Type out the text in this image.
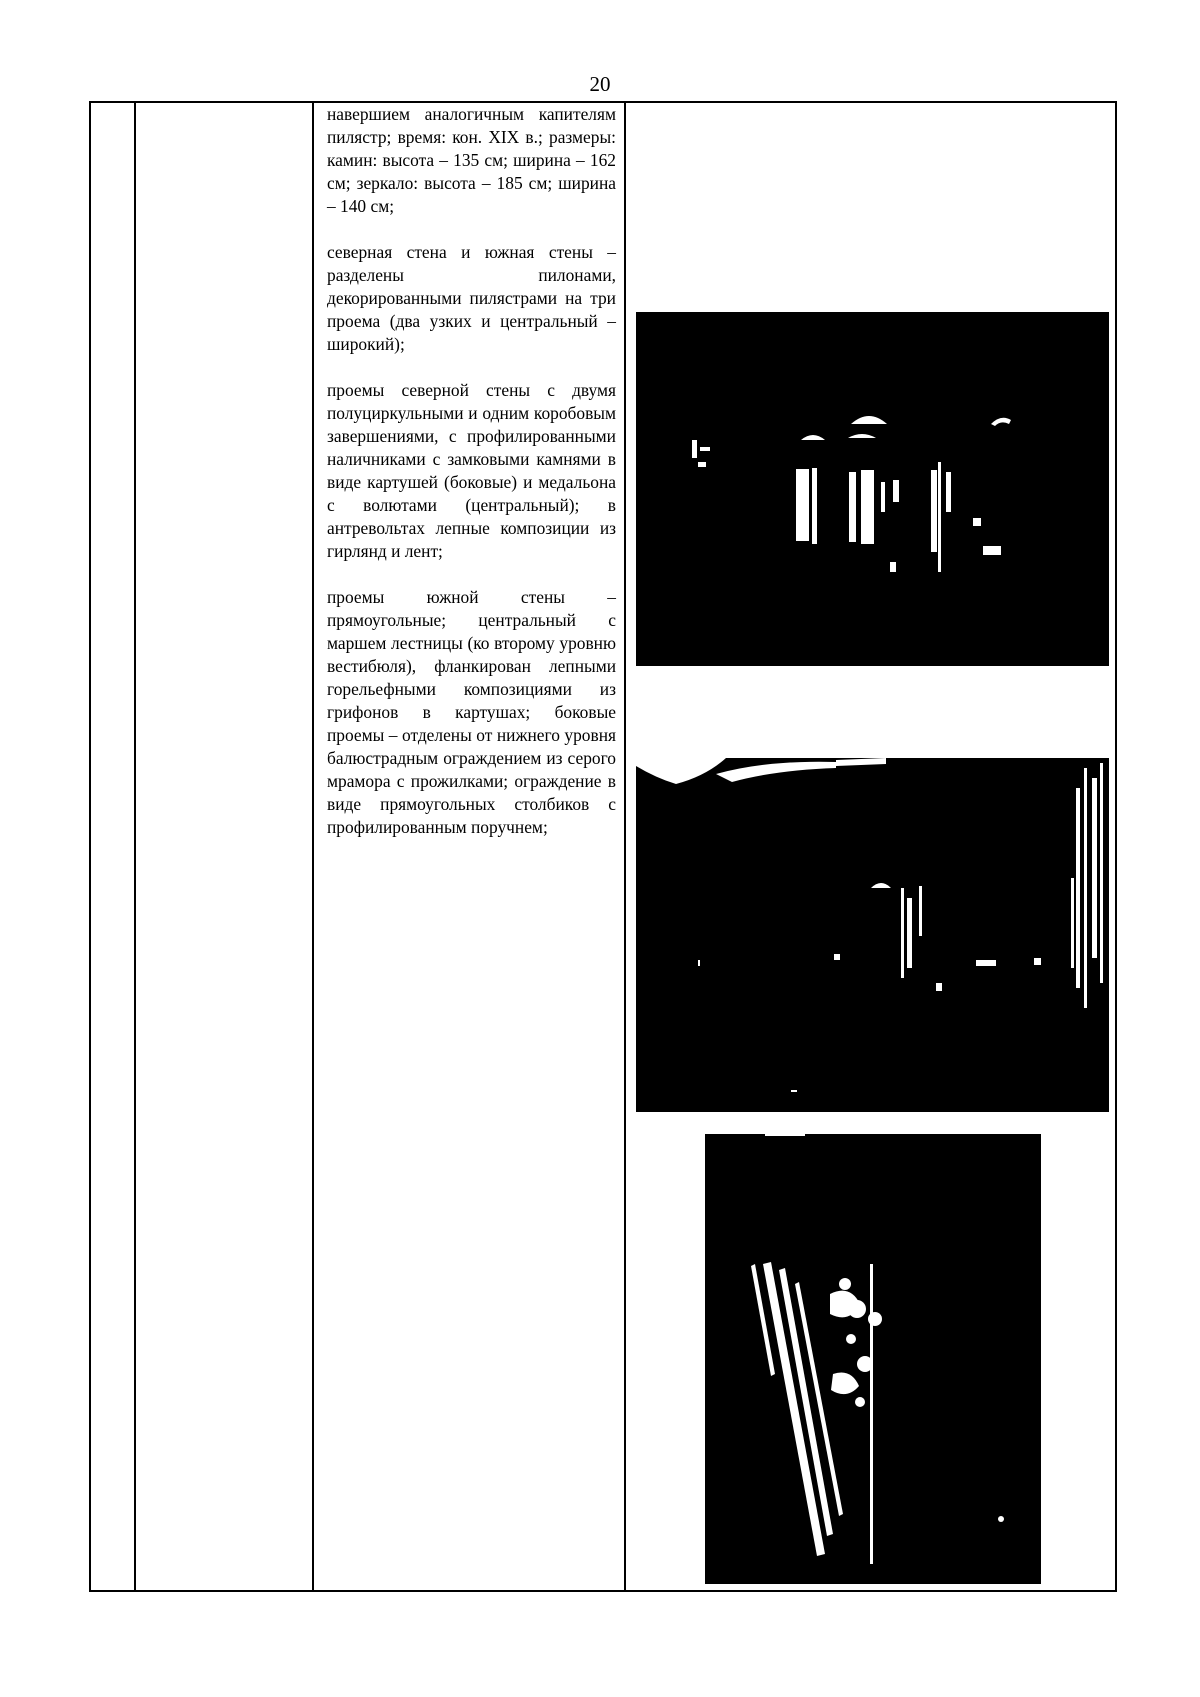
20

навершием аналогичным капителям пилястр; время: кон. XIX в.; размеры: камин: высота – 135 см; ширина – 162 см; зеркало: высота – 185 см; ширина – 140 см;

северная стена и южная стены – разделены пилонами, декорированными пилястрами на три проема (два узких и центральный – широкий);

проемы северной стены с двумя полуциркульными и одним коробовым завершениями, с профилированными наличниками с замковыми камнями в виде картушей (боковые) и медальона с волютами (центральный); в антревольтах лепные композиции из гирлянд и лент;

проемы южной стены – прямоугольные; центральный с маршем лестницы (ко второму уровню вестибюля), фланкирован лепными горельефными композициями из грифонов в картушах; боковые проемы – отделены от нижнего уровня балюстрадным ограждением из серого мрамора с прожилками; ограждение в виде прямоугольных столбиков с профилированным поручнем;
